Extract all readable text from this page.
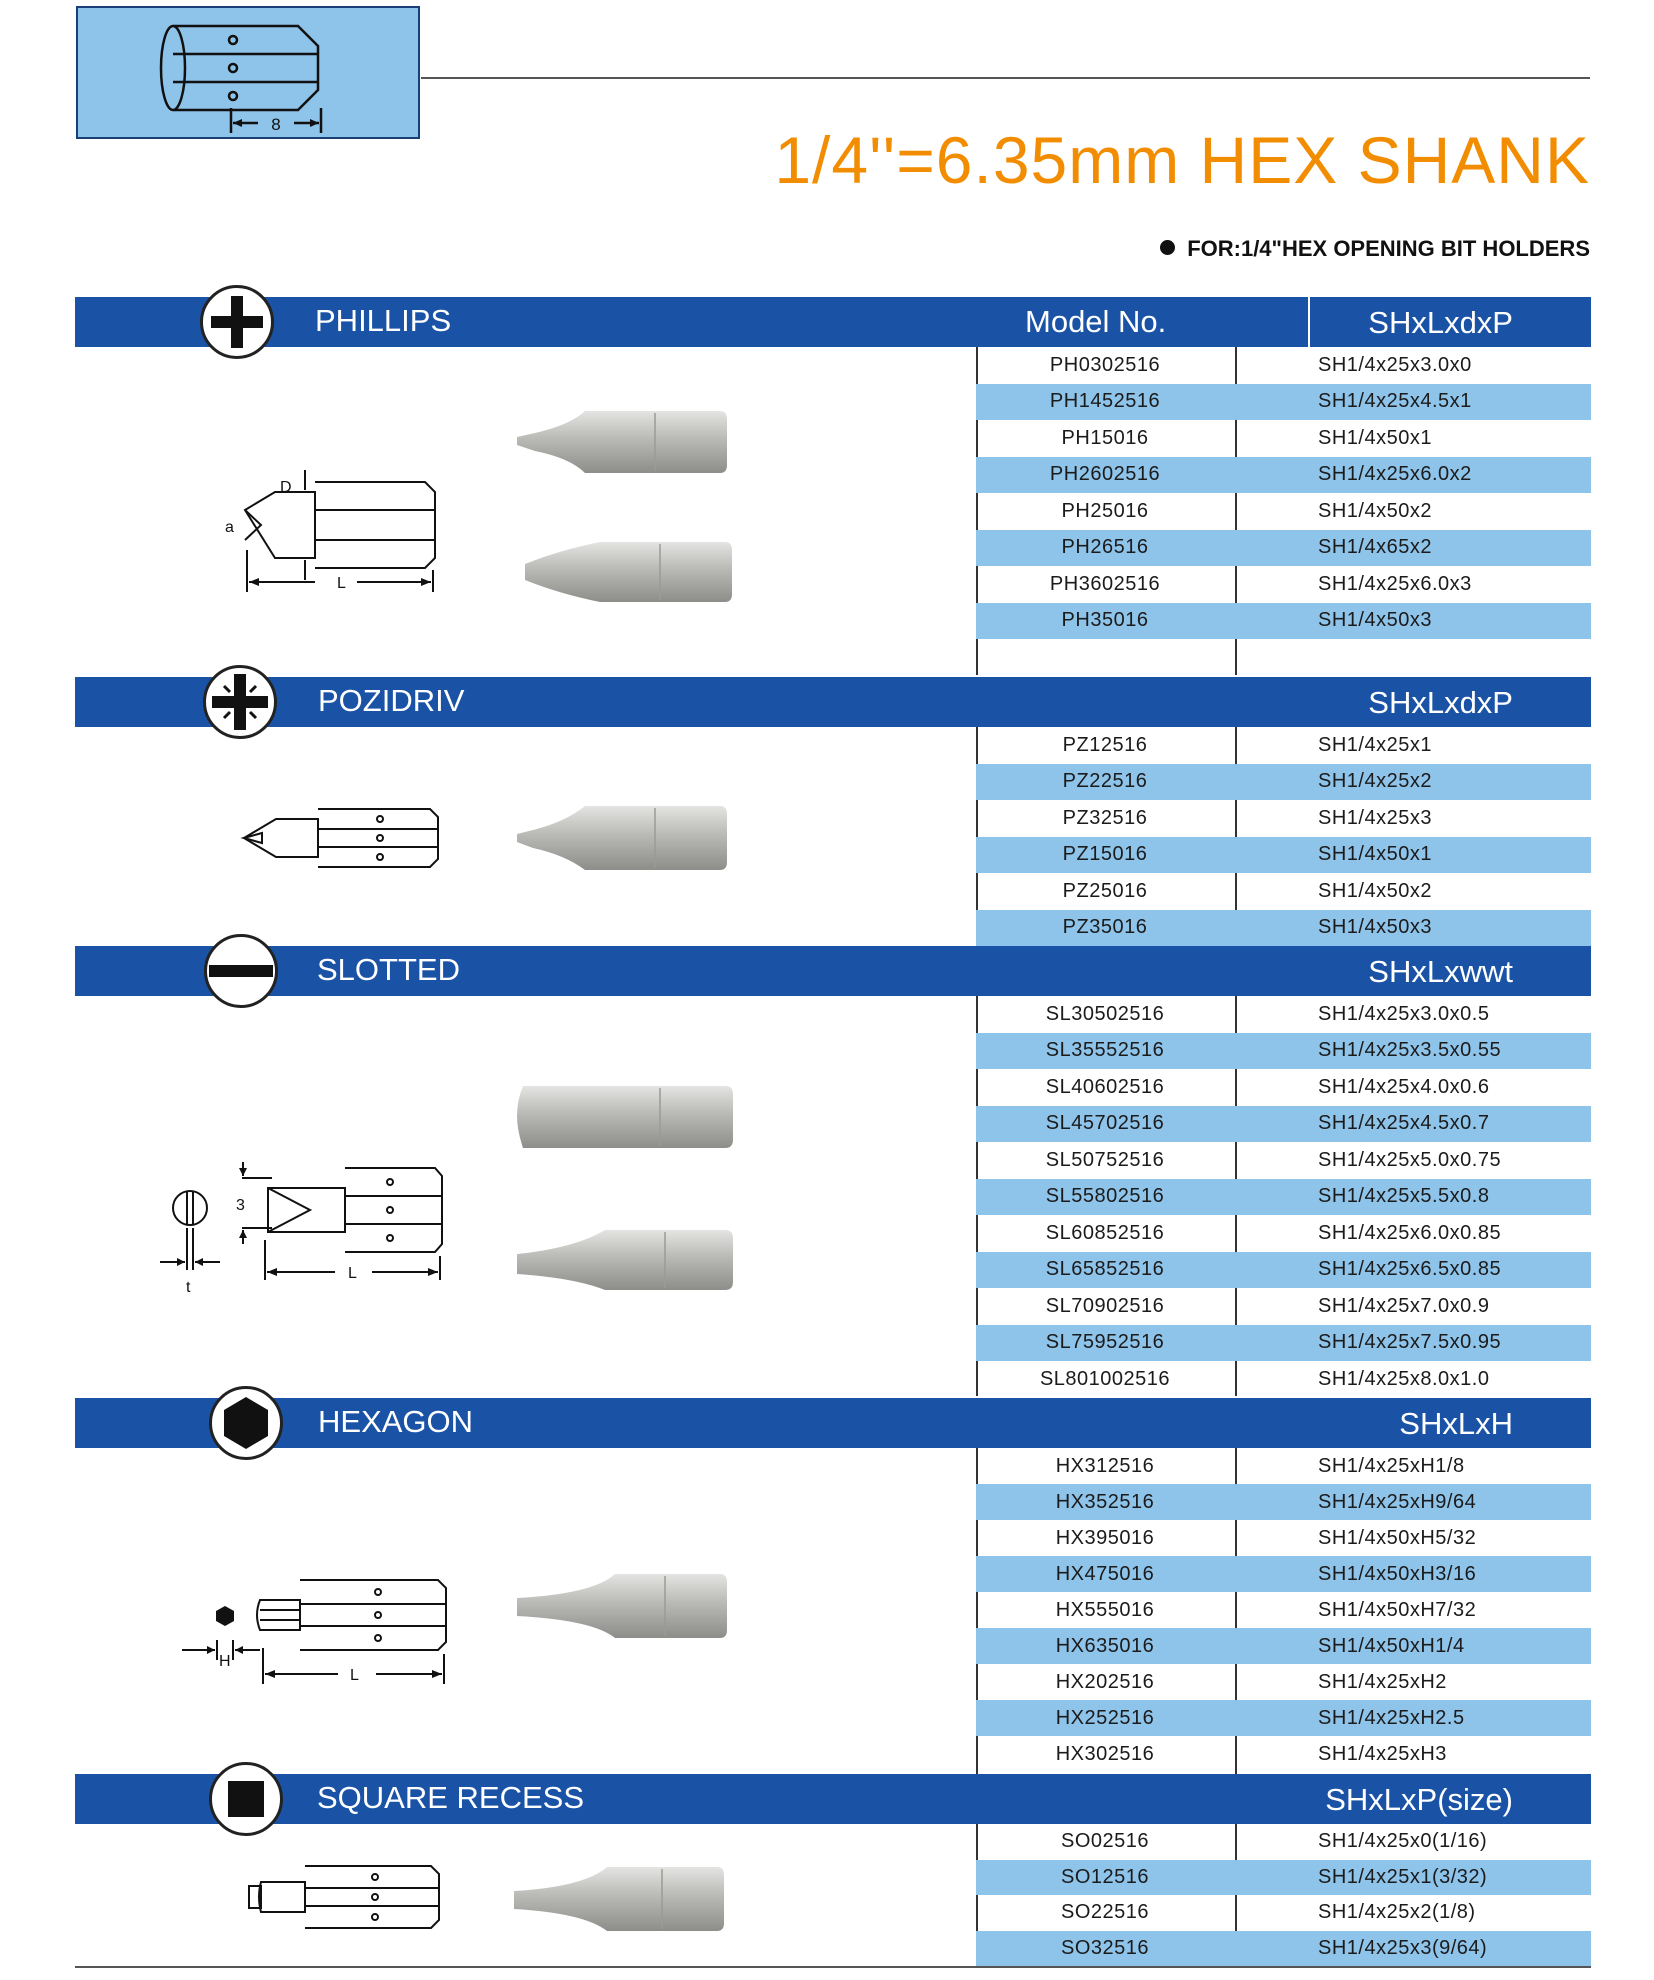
8	1/4''=6.35mm HEX SHANK
FOR:1/4"HEX OPENING BIT HOLDERS
PHILLIPS	Model No.	SHxLxdxP
PH0302516	SH1/4x25x3.0x0
PH1452516	SH1/4x25x4.5x1
PH15016	SH1/4x50x1
PH2602516	SH1/4x25x6.0x2
PH25016	SH1/4x50x2
PH26516	SH1/4x65x2
PH3602516	SH1/4x25x6.0x3
PH35016	SH1/4x50x3
D
a
L
POZIDRIV	SHxLxdxP
PZ12516	SH1/4x25x1
PZ22516	SH1/4x25x2
PZ32516	SH1/4x25x3
PZ15016	SH1/4x50x1
PZ25016	SH1/4x50x2
PZ35016	SH1/4x50x3
SLOTTED	SHxLxwwt
SL30502516	SH1/4x25x3.0x0.5
SL35552516	SH1/4x25x3.5x0.55
SL40602516	SH1/4x25x4.0x0.6
SL45702516	SH1/4x25x4.5x0.7
SL50752516	SH1/4x25x5.0x0.75
SL55802516	SH1/4x25x5.5x0.8
SL60852516	SH1/4x25x6.0x0.85
SL65852516	SH1/4x25x6.5x0.85
SL70902516	SH1/4x25x7.0x0.9
SL75952516	SH1/4x25x7.5x0.95
SL801002516	SH1/4x25x8.0x1.0
3
t
L
HEXAGON	SHxLxH
HX312516	SH1/4x25xH1/8
HX352516	SH1/4x25xH9/64
HX395016	SH1/4x50xH5/32
HX475016	SH1/4x50xH3/16
HX555016	SH1/4x50xH7/32
HX635016	SH1/4x50xH1/4
HX202516	SH1/4x25xH2
HX252516	SH1/4x25xH2.5
HX302516	SH1/4x25xH3
H
L
SQUARE RECESS	SHxLxP(size)
SO02516	SH1/4x25x0(1/16)
SO12516	SH1/4x25x1(3/32)
SO22516	SH1/4x25x2(1/8)
SO32516	SH1/4x25x3(9/64)
